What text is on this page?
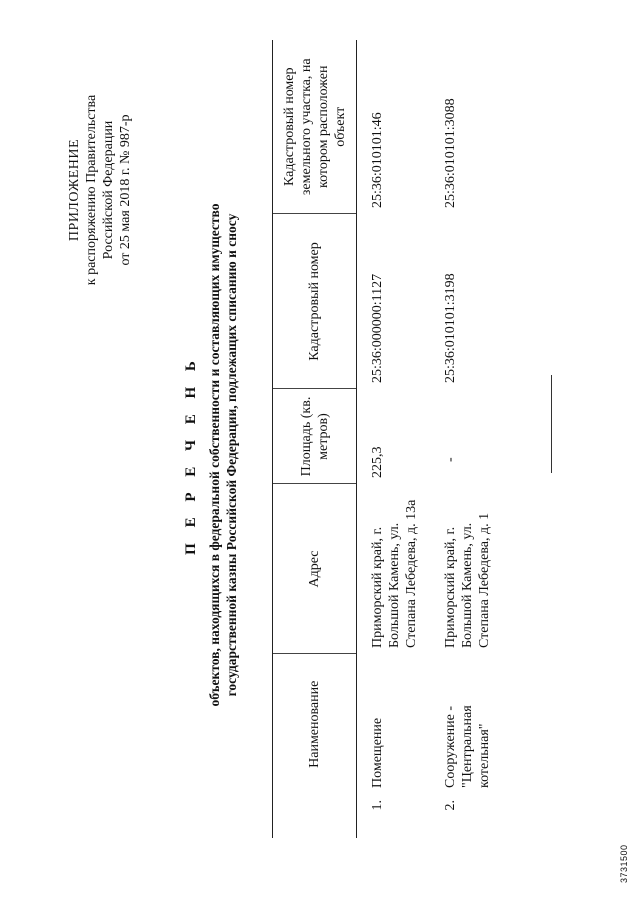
ПРИЛОЖЕНИЕ к распоряжению Правительства Российской Федерации от 25 мая 2018 г. № 987-р
П Е Р Е Ч Е Н Ь объектов, находящихся в федеральной собственности и составляющих имущество государственной казны Российской Федерации, подлежащих списанию и сносу
	Наименование	Адрес	Площадь (кв. метров)	Кадастровый номер	Кадастровый номер земельного участка, на котором расположен объект
1.	Помещение	Приморский край, г. Большой Камень, ул. Степана Лебедева, д. 13а	225,3	25:36:000000:1127	25:36:010101:46
2.	Сооружение - "Центральная котельная"	Приморский край, г. Большой Камень, ул. Степана Лебедева, д. 1	-	25:36:010101:3198	25:36:010101:3088
3731500
